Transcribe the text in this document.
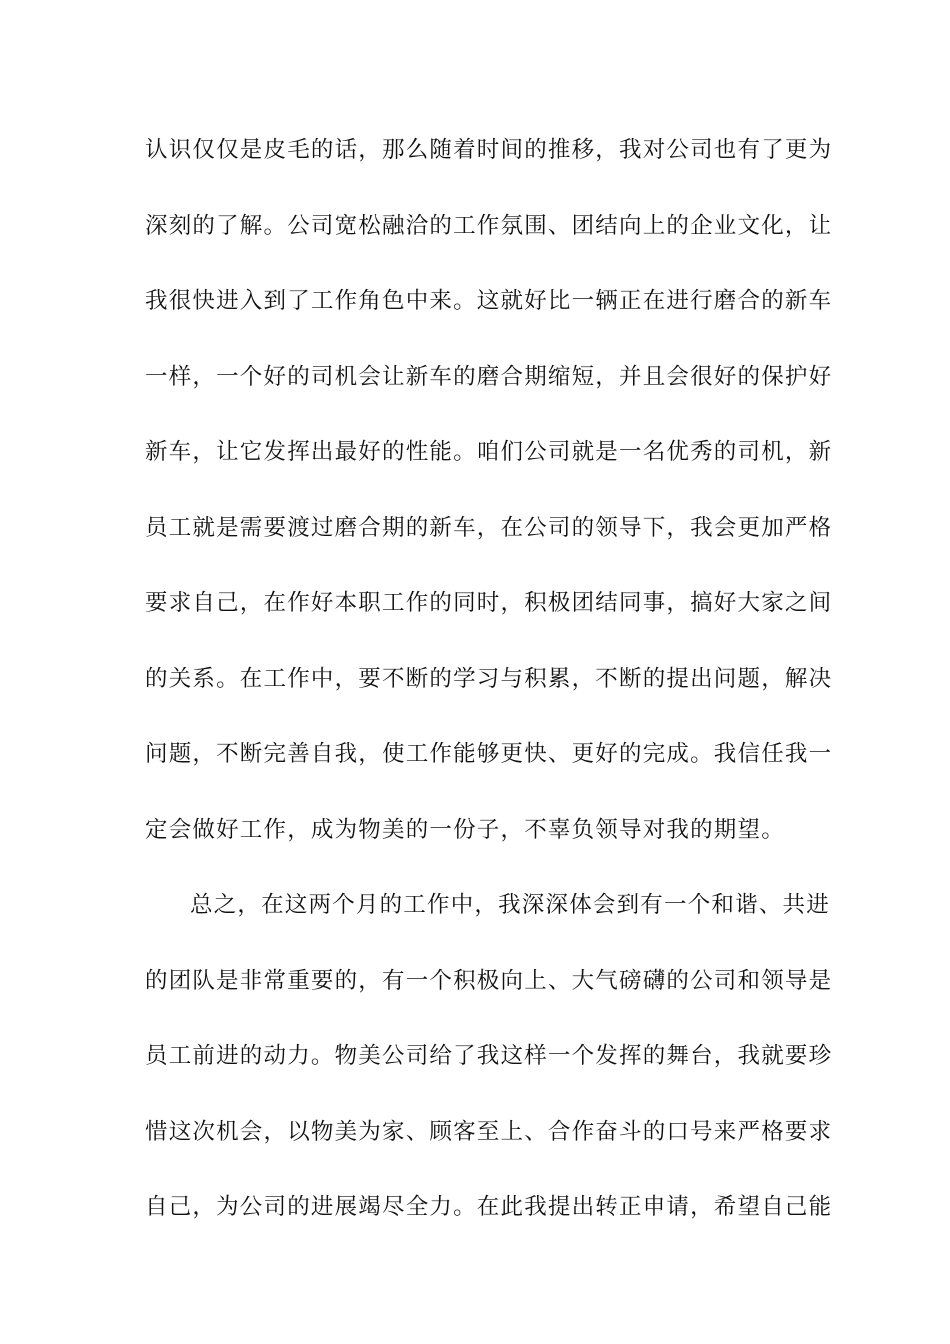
认识仅仅是皮毛的话，那么随着时间的推移，我对公司也有了更为
深刻的了解。公司宽松融洽的工作氛围、团结向上的企业文化，让
我很快进入到了工作角色中来。这就好比一辆正在进行磨合的新车
一样，一个好的司机会让新车的磨合期缩短，并且会很好的保护好
新车，让它发挥出最好的性能。咱们公司就是一名优秀的司机，新
员工就是需要渡过磨合期的新车，在公司的领导下，我会更加严格
要求自己，在作好本职工作的同时，积极团结同事，搞好大家之间
的关系。在工作中，要不断的学习与积累，不断的提出问题，解决
问题，不断完善自我，使工作能够更快、更好的完成。我信任我一
定会做好工作，成为物美的一份子，不辜负领导对我的期望。
总之，在这两个月的工作中，我深深体会到有一个和谐、共进
的团队是非常重要的，有一个积极向上、大气磅礴的公司和领导是
员工前进的动力。物美公司给了我这样一个发挥的舞台，我就要珍
惜这次机会，以物美为家、顾客至上、合作奋斗的口号来严格要求
自己，为公司的进展竭尽全力。在此我提出转正申请，希望自己能
